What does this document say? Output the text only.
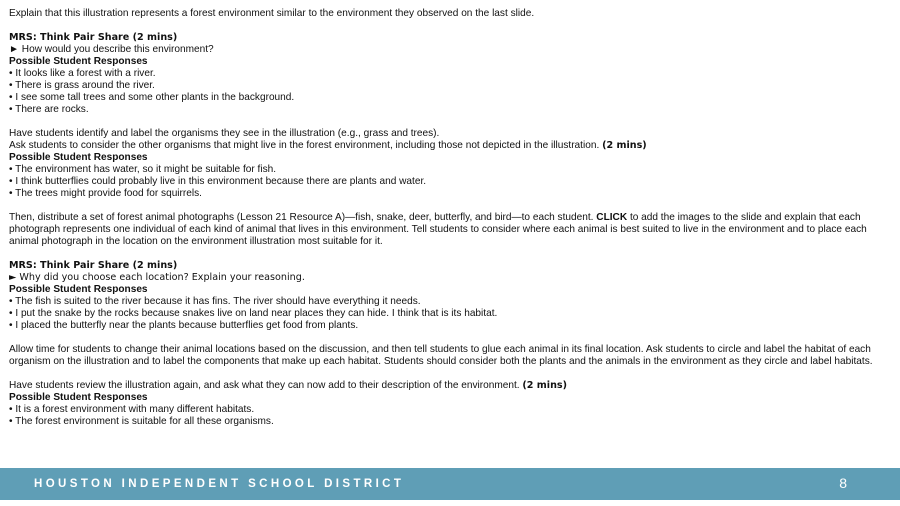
Explain that this illustration represents a forest environment similar to the environment they observed on the last slide.
MRS: Think Pair Share (2 mins)
► How would you describe this environment?
Possible Student Responses
• It looks like a forest with a river.
• There is grass around the river.
• I see some tall trees and some other plants in the background.
• There are rocks.
Have students identify and label the organisms they see in the illustration (e.g., grass and trees).
Ask students to consider the other organisms that might live in the forest environment, including those not depicted in the illustration. (2 mins)
Possible Student Responses
• The environment has water, so it might be suitable for fish.
• I think butterflies could probably live in this environment because there are plants and water.
• The trees might provide food for squirrels.
Then, distribute a set of forest animal photographs (Lesson 21 Resource A)—fish, snake, deer, butterfly, and bird—to each student. CLICK to add the images to the slide and explain that each photograph represents one individual of each kind of animal that lives in this environment. Tell students to consider where each animal is best suited to live in the environment and to place each animal photograph in the location on the environment illustration most suitable for it.
MRS: Think Pair Share (2 mins)
► Why did you choose each location? Explain your reasoning.
Possible Student Responses
• The fish is suited to the river because it has fins. The river should have everything it needs.
• I put the snake by the rocks because snakes live on land near places they can hide. I think that is its habitat.
• I placed the butterfly near the plants because butterflies get food from plants.
Allow time for students to change their animal locations based on the discussion, and then tell students to glue each animal in its final location. Ask students to circle and label the habitat of each organism on the illustration and to label the components that make up each habitat. Students should consider both the plants and the animals in the environment as they circle and label habitats.
Have students review the illustration again, and ask what they can now add to their description of the environment. (2 mins)
Possible Student Responses
• It is a forest environment with many different habitats.
• The forest environment is suitable for all these organisms.
HOUSTON INDEPENDENT SCHOOL DISTRICT	8
